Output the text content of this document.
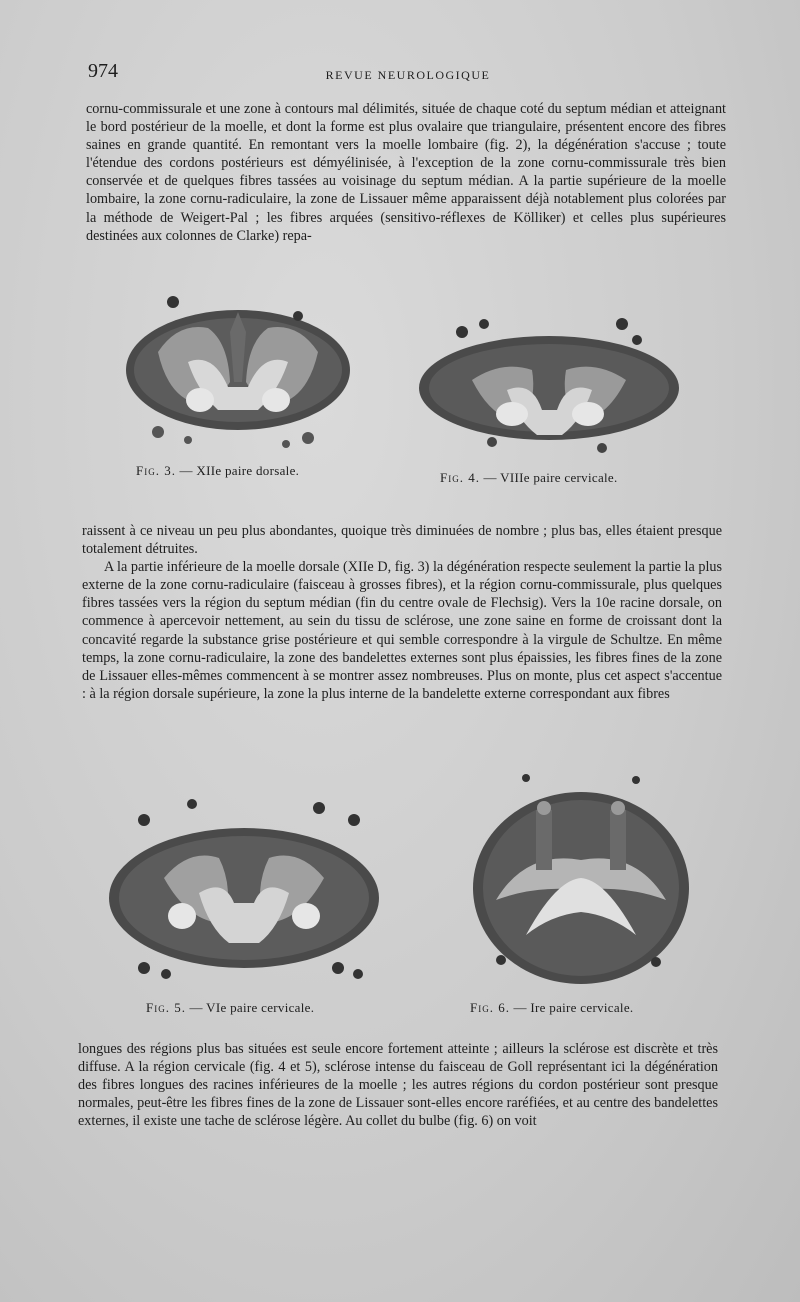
974	REVUE NEUROLOGIQUE

cornu-commissurale et une zone à contours mal délimités, située de chaque coté du septum médian et atteignant le bord postérieur de la moelle, et dont la forme est plus ovalaire que triangulaire, présentent encore des fibres saines en grande quantité. En remontant vers la moelle lombaire (fig. 2), la dégénération s'accuse ; toute l'étendue des cordons postérieurs est démyélinisée, à l'exception de la zone cornu-commissurale très bien conservée et de quelques fibres tassées au voisinage du septum médian. A la partie supérieure de la moelle lombaire, la zone cornu-radiculaire, la zone de Lissauer même apparaissent déjà notablement plus colorées par la méthode de Weigert-Pal ; les fibres arquées (sensitivo-réflexes de Kölliker) et celles plus supérieures destinées aux colonnes de Clarke) repa-

Fig. 3. — XIIe paire dorsale.	Fig. 4. — VIIIe paire cervicale.

raissent à ce niveau un peu plus abondantes, quoique très diminuées de nombre ; plus bas, elles étaient presque totalement détruites.
A la partie inférieure de la moelle dorsale (XIIe D, fig. 3) la dégénération respecte seulement la partie la plus externe de la zone cornu-radiculaire (faisceau à grosses fibres), et la région cornu-commissurale, plus quelques fibres tassées vers la région du septum médian (fin du centre ovale de Flechsig). Vers la 10e racine dorsale, on commence à apercevoir nettement, au sein du tissu de sclérose, une zone saine en forme de croissant dont la concavité regarde la substance grise postérieure et qui semble correspondre à la virgule de Schultze. En même temps, la zone cornu-radiculaire, la zone des bandelettes externes sont plus épaissies, les fibres fines de la zone de Lissauer elles-mêmes commencent à se montrer assez nombreuses. Plus on monte, plus cet aspect s'accentue : à la région dorsale supérieure, la zone la plus interne de la bandelette externe correspondant aux fibres

Fig. 5. — VIe paire cervicale.	Fig. 6. — Ire paire cervicale.

longues des régions plus bas situées est seule encore fortement atteinte ; ailleurs la sclérose est discrète et très diffuse. A la région cervicale (fig. 4 et 5), sclérose intense du faisceau de Goll représentant ici la dégénération des fibres longues des racines inférieures de la moelle ; les autres régions du cordon postérieur sont presque normales, peut-être les fibres fines de la zone de Lissauer sont-elles encore raréfiées, et au centre des bandelettes externes, il existe une tache de sclérose légère. Au collet du bulbe (fig. 6) on voit
